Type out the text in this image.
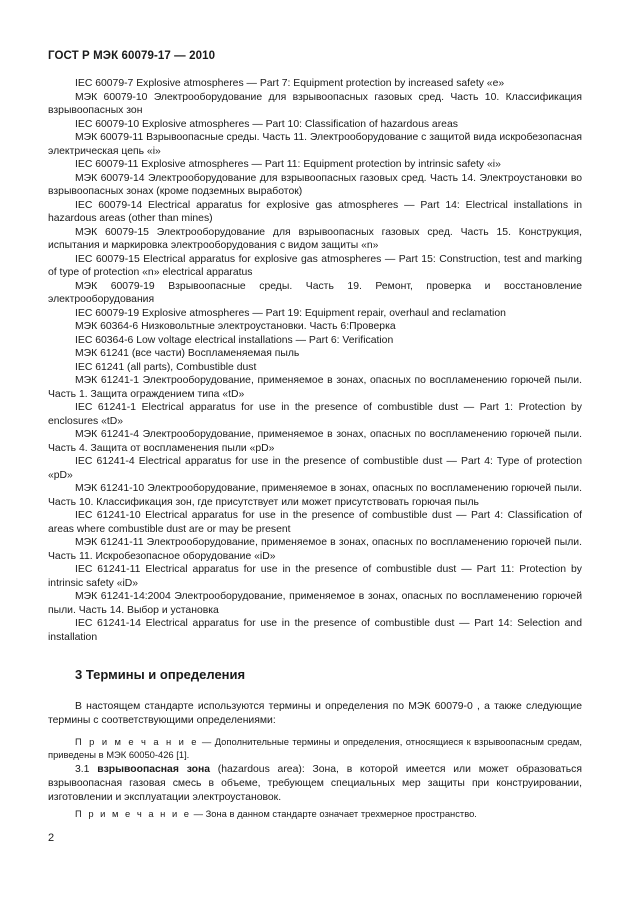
ГОСТ Р МЭК 60079-17 — 2010

IEC 60079-7 Explosive atmospheres — Part 7: Equipment protection by increased safety «e»

МЭК 60079-10 Электрооборудование для взрывоопасных газовых сред. Часть 10. Классификация взрывоопасных зон

IEC 60079-10 Explosive atmospheres — Part 10: Classification of hazardous areas

МЭК 60079-11 Взрывоопасные среды. Часть 11. Электрооборудование с защитой вида искробезопасная электрическая цепь «i»

IEC 60079-11 Explosive atmospheres — Part 11: Equipment protection by intrinsic safety «i»

МЭК 60079-14 Электрооборудование для взрывоопасных газовых сред. Часть 14. Электроустановки во взрывоопасных зонах (кроме подземных выработок)

IEC 60079-14 Electrical apparatus for explosive gas atmospheres — Part 14: Electrical installations in hazardous areas (other than mines)

МЭК 60079-15 Электрооборудование для взрывоопасных газовых сред. Часть 15. Конструкция, испытания и маркировка электрооборудования с видом защиты «n»

IEC 60079-15 Electrical apparatus for explosive gas atmospheres — Part 15: Construction, test and marking of type of protection «n» electrical apparatus

МЭК 60079-19 Взрывоопасные среды. Часть 19. Ремонт, проверка и восстановление электрооборудования

IEC 60079-19 Explosive atmospheres — Part 19: Equipment repair, overhaul and reclamation

МЭК 60364-6 Низковольтные электроустановки. Часть 6:Проверка

IEC 60364-6 Low voltage electrical installations — Part 6: Verification

МЭК 61241 (все части) Воспламеняемая пыль

IEC 61241 (all parts), Combustible dust

МЭК 61241-1 Электрооборудование, применяемое в зонах, опасных по воспламенению горючей пыли. Часть 1. Защита ограждением типа «tD»

IEC 61241-1 Electrical apparatus for use in the presence of combustible dust — Part 1: Protection by enclosures «tD»

МЭК 61241-4 Электрооборудование, применяемое в зонах, опасных по воспламенению горючей пыли. Часть 4. Защита от воспламенения пыли «pD»

IEC 61241-4 Electrical apparatus for use in the presence of combustible dust — Part 4: Type of protection «pD»

МЭК 61241-10 Электрооборудование, применяемое в зонах, опасных по воспламенению горючей пыли. Часть 10. Классификация зон, где присутствует или может присутствовать горючая пыль

IEC 61241-10 Electrical apparatus for use in the presence of combustible dust — Part 4: Classification of areas where combustible dust are or may be present

МЭК 61241-11 Электрооборудование, применяемое в зонах, опасных по воспламенению горючей пыли. Часть 11. Искробезопасное оборудование «iD»

IEC 61241-11 Electrical apparatus for use in the presence of combustible dust — Part 11: Protection by intrinsic safety «iD»

МЭК 61241-14:2004 Электрооборудование, применяемое в зонах, опасных по воспламенению горючей пыли. Часть 14. Выбор и установка

IEC 61241-14 Electrical apparatus for use in the presence of combustible dust — Part 14: Selection and installation

3 Термины и определения

В настоящем стандарте используются термины и определения по МЭК 60079-0 , а также следующие термины с соответствующими определениями:

П р и м е ч а н и е — Дополнительные термины и определения, относящиеся к взрывоопасным средам, приведены в МЭК 60050-426 [1].

3.1 взрывоопасная зона (hazardous area): Зона, в которой имеется или может образоваться взрывоопасная газовая смесь в объеме, требующем специальных мер защиты при конструировании, изготовлении и эксплуатации электроустановок.

П р и м е ч а н и е — Зона в данном стандарте означает трехмерное пространство.

2
